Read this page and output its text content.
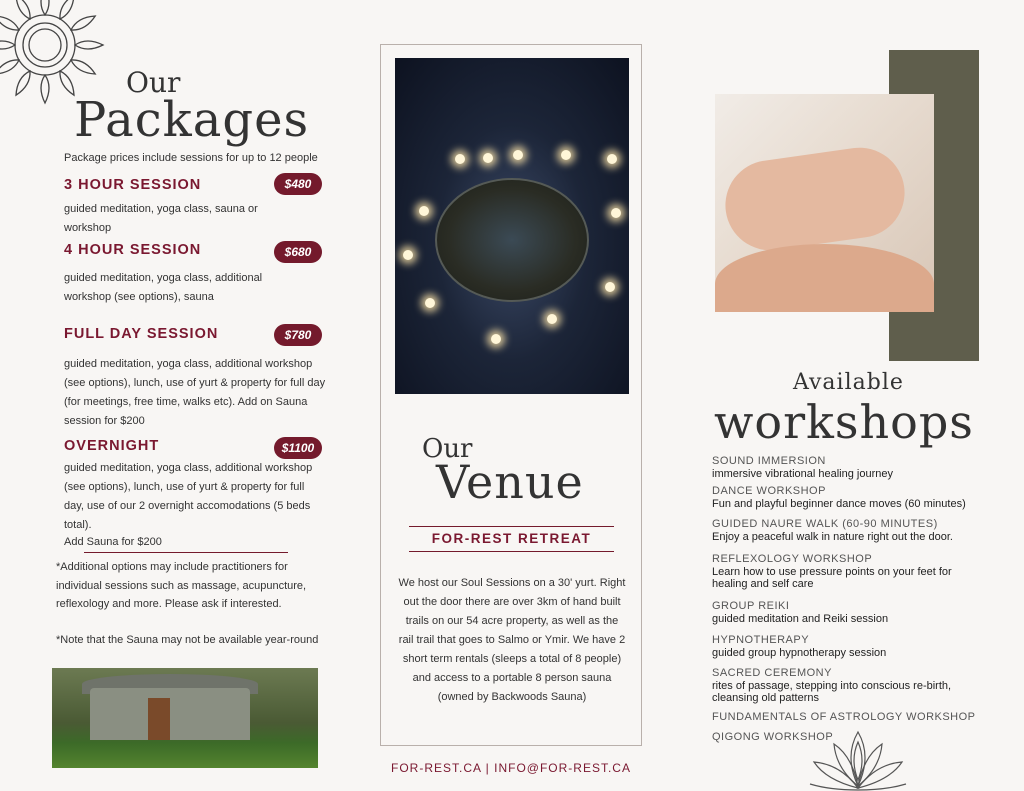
Our
Packages
Package prices include sessions for up to 12 people
3 HOUR SESSION	$480
guided meditation, yoga class, sauna or workshop
4 HOUR SESSION	$680
guided meditation, yoga class, additional workshop (see options), sauna
FULL DAY SESSION	$780
guided meditation, yoga class, additional workshop (see options), lunch, use of yurt & property for full day (for meetings, free time, walks etc). Add on Sauna session for $200
OVERNIGHT	$1100
guided meditation, yoga class, additional workshop (see options), lunch, use of yurt & property for full day, use of our 2 overnight accomodations (5 beds total).
Add Sauna for $200
*Additional options may include practitioners for individual sessions such as massage, acupuncture, reflexology and more. Please ask if interested.
*Note that the Sauna may not be available year-round
Our
Venue
FOR-REST RETREAT
We host our Soul Sessions on a 30' yurt. Right out the door there are over 3km of hand built trails on our 54 acre property, as well as the rail trail that goes to Salmo or Ymir. We have 2 short term rentals (sleeps a total of 8 people) and access to a portable 8 person sauna (owned by Backwoods Sauna)
FOR-REST.CA | INFO@FOR-REST.CA
Available
workshops
SOUND IMMERSION
immersive vibrational healing journey
DANCE WORKSHOP
Fun and playful beginner dance moves (60 minutes)
GUIDED NAURE WALK (60-90 MINUTES)
Enjoy a peaceful walk in nature right out the door.
REFLEXOLOGY WORKSHOP
Learn how to use pressure points on your feet for healing and self care
GROUP REIKI
guided meditation and Reiki session
HYPNOTHERAPY
guided group hypnotherapy session
SACRED CEREMONY
rites of passage, stepping into conscious re-birth, cleansing old patterns
FUNDAMENTALS OF ASTROLOGY WORKSHOP
QIGONG WORKSHOP
